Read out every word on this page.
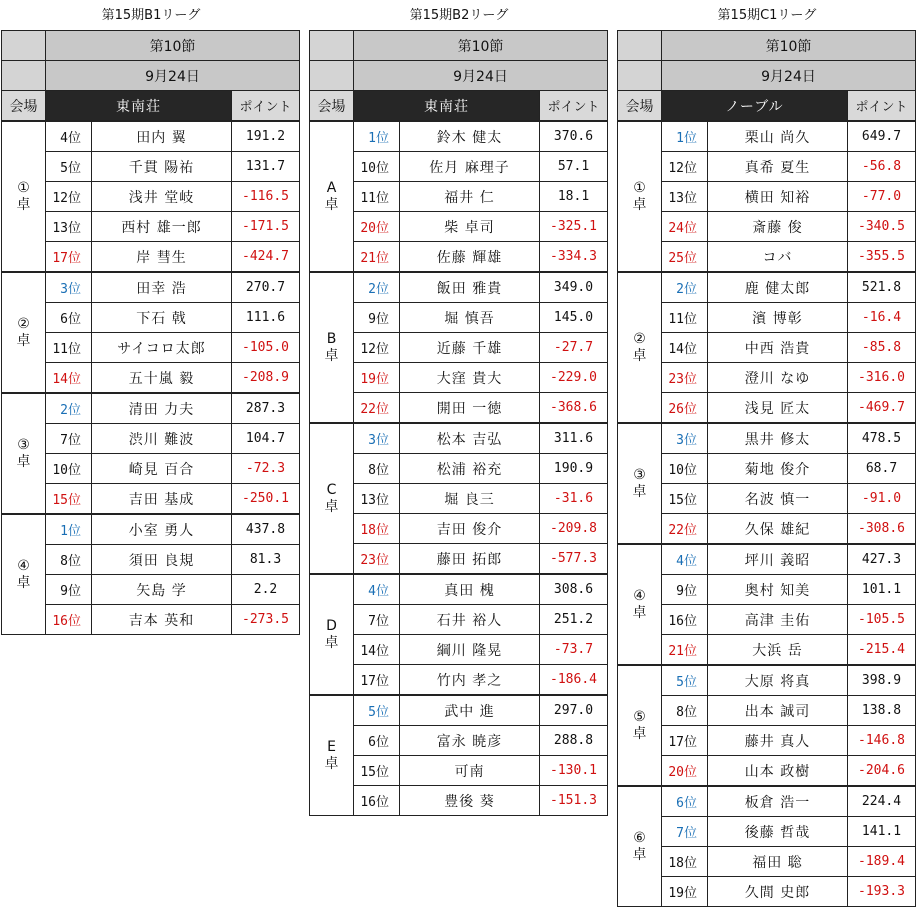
第15期B1リーグ
	第10節		
	9月24日		
会場	東南荘		ポイント
①
卓	4位	田内 翼	191.2
	5位	千貫 陽祐	131.7
	12位	浅井 堂岐	-116.5
	13位	西村 雄一郎	-171.5
	17位	岸 彗生	-424.7
②
卓	3位	田幸 浩	270.7
	6位	下石 戟	111.6
	11位	サイコロ太郎	-105.0
	14位	五十嵐 毅	-208.9
③
卓	2位	清田 力夫	287.3
	7位	渋川 難波	104.7
	10位	崎見 百合	-72.3
	15位	吉田 基成	-250.1
④
卓	1位	小室 勇人	437.8
	8位	須田 良規	81.3
	9位	矢島 学	2.2
	16位	吉本 英和	-273.5
第15期B2リーグ
	第10節		
	9月24日		
会場	東南荘		ポイント
A
卓	1位	鈴木 健太	370.6
	10位	佐月 麻理子	57.1
	11位	福井 仁	18.1
	20位	柴 卓司	-325.1
	21位	佐藤 輝雄	-334.3
B
卓	2位	飯田 雅貴	349.0
	9位	堀 慎吾	145.0
	12位	近藤 千雄	-27.7
	19位	大窪 貴大	-229.0
	22位	開田 一徳	-368.6
C
卓	3位	松本 吉弘	311.6
	8位	松浦 裕充	190.9
	13位	堀 良三	-31.6
	18位	吉田 俊介	-209.8
	23位	藤田 拓郎	-577.3
D
卓	4位	真田 槐	308.6
	7位	石井 裕人	251.2
	14位	綱川 隆晃	-73.7
	17位	竹内 孝之	-186.4
E
卓	5位	武中 進	297.0
	6位	富永 暁彦	288.8
	15位	可南	-130.1
	16位	豊後 葵	-151.3
第15期C1リーグ
	第10節		
	9月24日		
会場	ノーブル		ポイント
①
卓	1位	栗山 尚久	649.7
	12位	真希 夏生	-56.8
	13位	横田 知裕	-77.0
	24位	斎藤 俊	-340.5
	25位	コバ	-355.5
②
卓	2位	鹿 健太郎	521.8
	11位	濱 博彰	-16.4
	14位	中西 浩貴	-85.8
	23位	澄川 なゆ	-316.0
	26位	浅見 匠太	-469.7
③
卓	3位	黒井 修太	478.5
	10位	菊地 俊介	68.7
	15位	名波 慎一	-91.0
	22位	久保 雄紀	-308.6
④
卓	4位	坪川 義昭	427.3
	9位	奥村 知美	101.1
	16位	高津 圭佑	-105.5
	21位	大浜 岳	-215.4
⑤
卓	5位	大原 将真	398.9
	8位	出本 誠司	138.8
	17位	藤井 真人	-146.8
	20位	山本 政樹	-204.6
⑥
卓	6位	板倉 浩一	224.4
	7位	後藤 哲哉	141.1
	18位	福田 聡	-189.4
	19位	久間 史郎	-193.3
